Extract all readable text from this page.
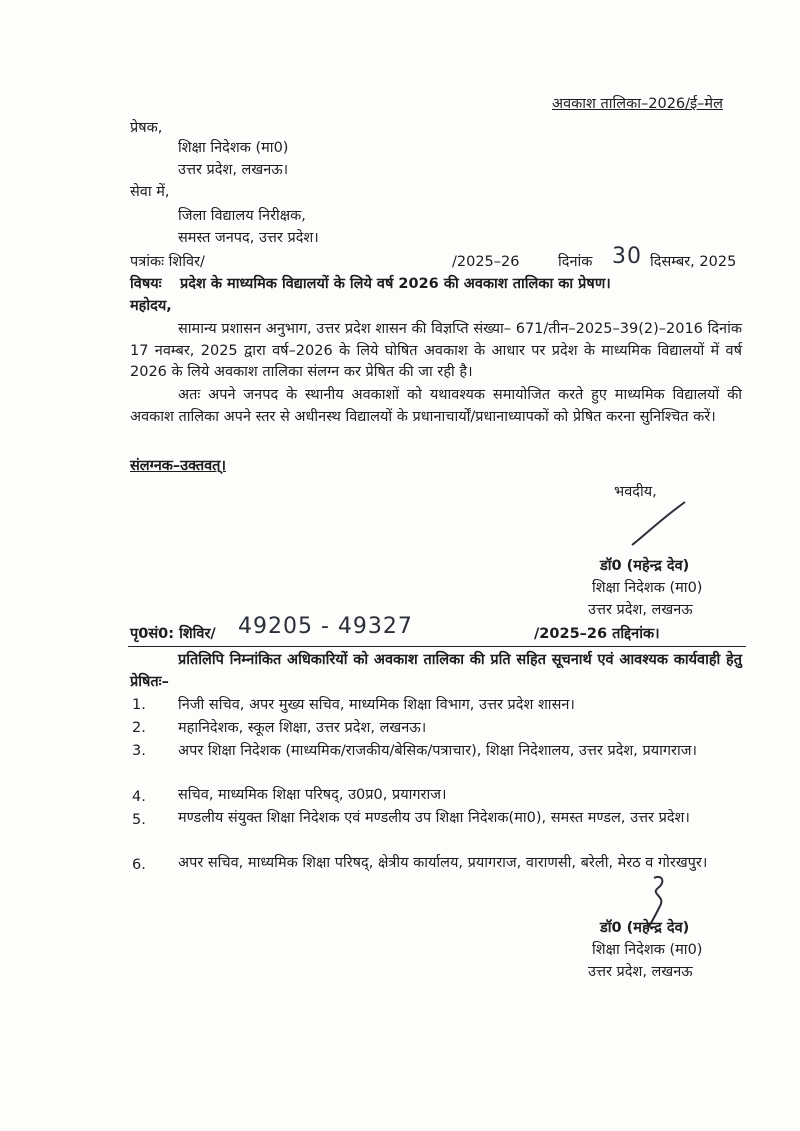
अवकाश तालिका–2026/ई–मेल
प्रेषक,
शिक्षा निदेशक (मा0)
उत्तर प्रदेश, लखनऊ।
सेवा में,
जिला विद्यालय निरीक्षक,
समस्त जनपद, उत्तर प्रदेश।
पत्रांकः शिविर/	/2025–26	दिनांक 30 दिसम्बर, 2025
विषयः प्रदेश के माध्यमिक विद्यालयों के लिये वर्ष 2026 की अवकाश तालिका का प्रेषण।
महोदय,
सामान्य प्रशासन अनुभाग, उत्तर प्रदेश शासन की विज्ञप्ति संख्या– 671/तीन–2025–39(2)–2016 दिनांक 17 नवम्बर, 2025 द्वारा वर्ष–2026 के लिये घोषित अवकाश के आधार पर प्रदेश के माध्यमिक विद्यालयों में वर्ष 2026 के लिये अवकाश तालिका संलग्न कर प्रेषित की जा रही है।
अतः अपने जनपद के स्थानीय अवकाशों को यथावश्यक समायोजित करते हुए माध्यमिक विद्यालयों की अवकाश तालिका अपने स्तर से अधीनस्थ विद्यालयों के प्रधानाचार्यों/प्रधानाध्यापकों को प्रेषित करना सुनिश्चित करें।
संलग्नक–उक्तवत्।
भवदीय,
डॉ0 (महेन्द्र देव)
शिक्षा निदेशक (मा0)
उत्तर प्रदेश, लखनऊ
पृ0सं0: शिविर/ 49205 - 49327	/2025–26 तद्दिनांक।
प्रतिलिपि निम्नांकित अधिकारियों को अवकाश तालिका की प्रति सहित सूचनार्थ एवं आवश्यक कार्यवाही हेतु प्रेषितः–
1. निजी सचिव, अपर मुख्य सचिव, माध्यमिक शिक्षा विभाग, उत्तर प्रदेश शासन।
2. महानिदेशक, स्कूल शिक्षा, उत्तर प्रदेश, लखनऊ।
3. अपर शिक्षा निदेशक (माध्यमिक/राजकीय/बेसिक/पत्राचार), शिक्षा निदेशालय, उत्तर प्रदेश, प्रयागराज।
4. सचिव, माध्यमिक शिक्षा परिषद्, उ0प्र0, प्रयागराज।
5. मण्डलीय संयुक्त शिक्षा निदेशक एवं मण्डलीय उप शिक्षा निदेशक(मा0), समस्त मण्डल, उत्तर प्रदेश।
6. अपर सचिव, माध्यमिक शिक्षा परिषद्, क्षेत्रीय कार्यालय, प्रयागराज, वाराणसी, बरेली, मेरठ व गोरखपुर।
डॉ0 (महेन्द्र देव)
शिक्षा निदेशक (मा0)
उत्तर प्रदेश, लखनऊ
